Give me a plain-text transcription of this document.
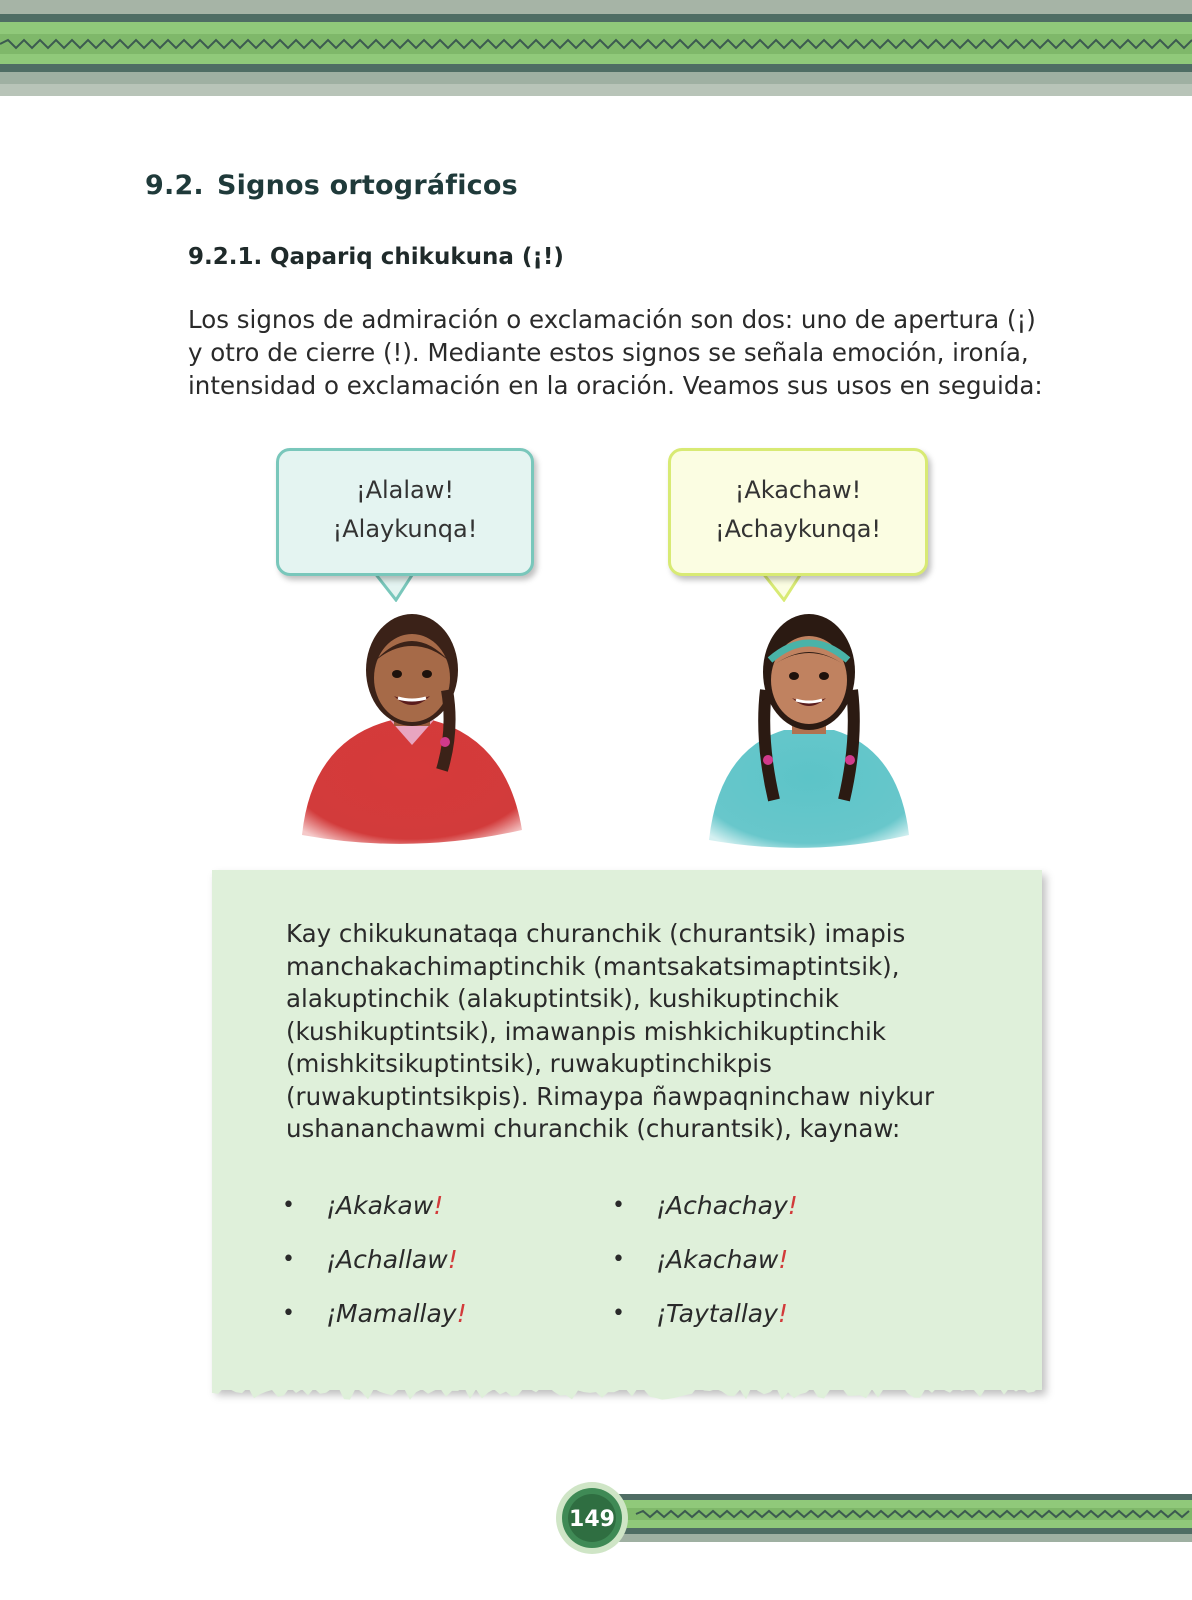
9.2. Signos ortográficos
9.2.1. Qapariq chikukuna (¡!)

Los signos de admiración o exclamación son dos: uno de apertura (¡) y otro de cierre (!). Mediante estos signos se señala emoción, ironía, intensidad o exclamación en la oración. Veamos sus usos en seguida:

¡Alalaw!
¡Alaykunqa!
¡Akachaw!
¡Achaykunqa!

Kay chikukunataqa churanchik (churantsik) imapis manchakachimaptinchik (mantsakatsimaptintsik), alakuptinchik (alakuptintsik), kushikuptinchik (kushikuptintsik), imawanpis mishkichikuptinchik (mishkitsikuptintsik), ruwakuptinchikpis (ruwakuptintsikpis). Rimaypa ñawpaqninchaw niykur ushananchawmi churanchik (churantsik), kaynaw:

• ¡Akakaw!
• ¡Achallaw!
• ¡Mamallay!
• ¡Achachay!
• ¡Akachaw!
• ¡Taytallay!
149
